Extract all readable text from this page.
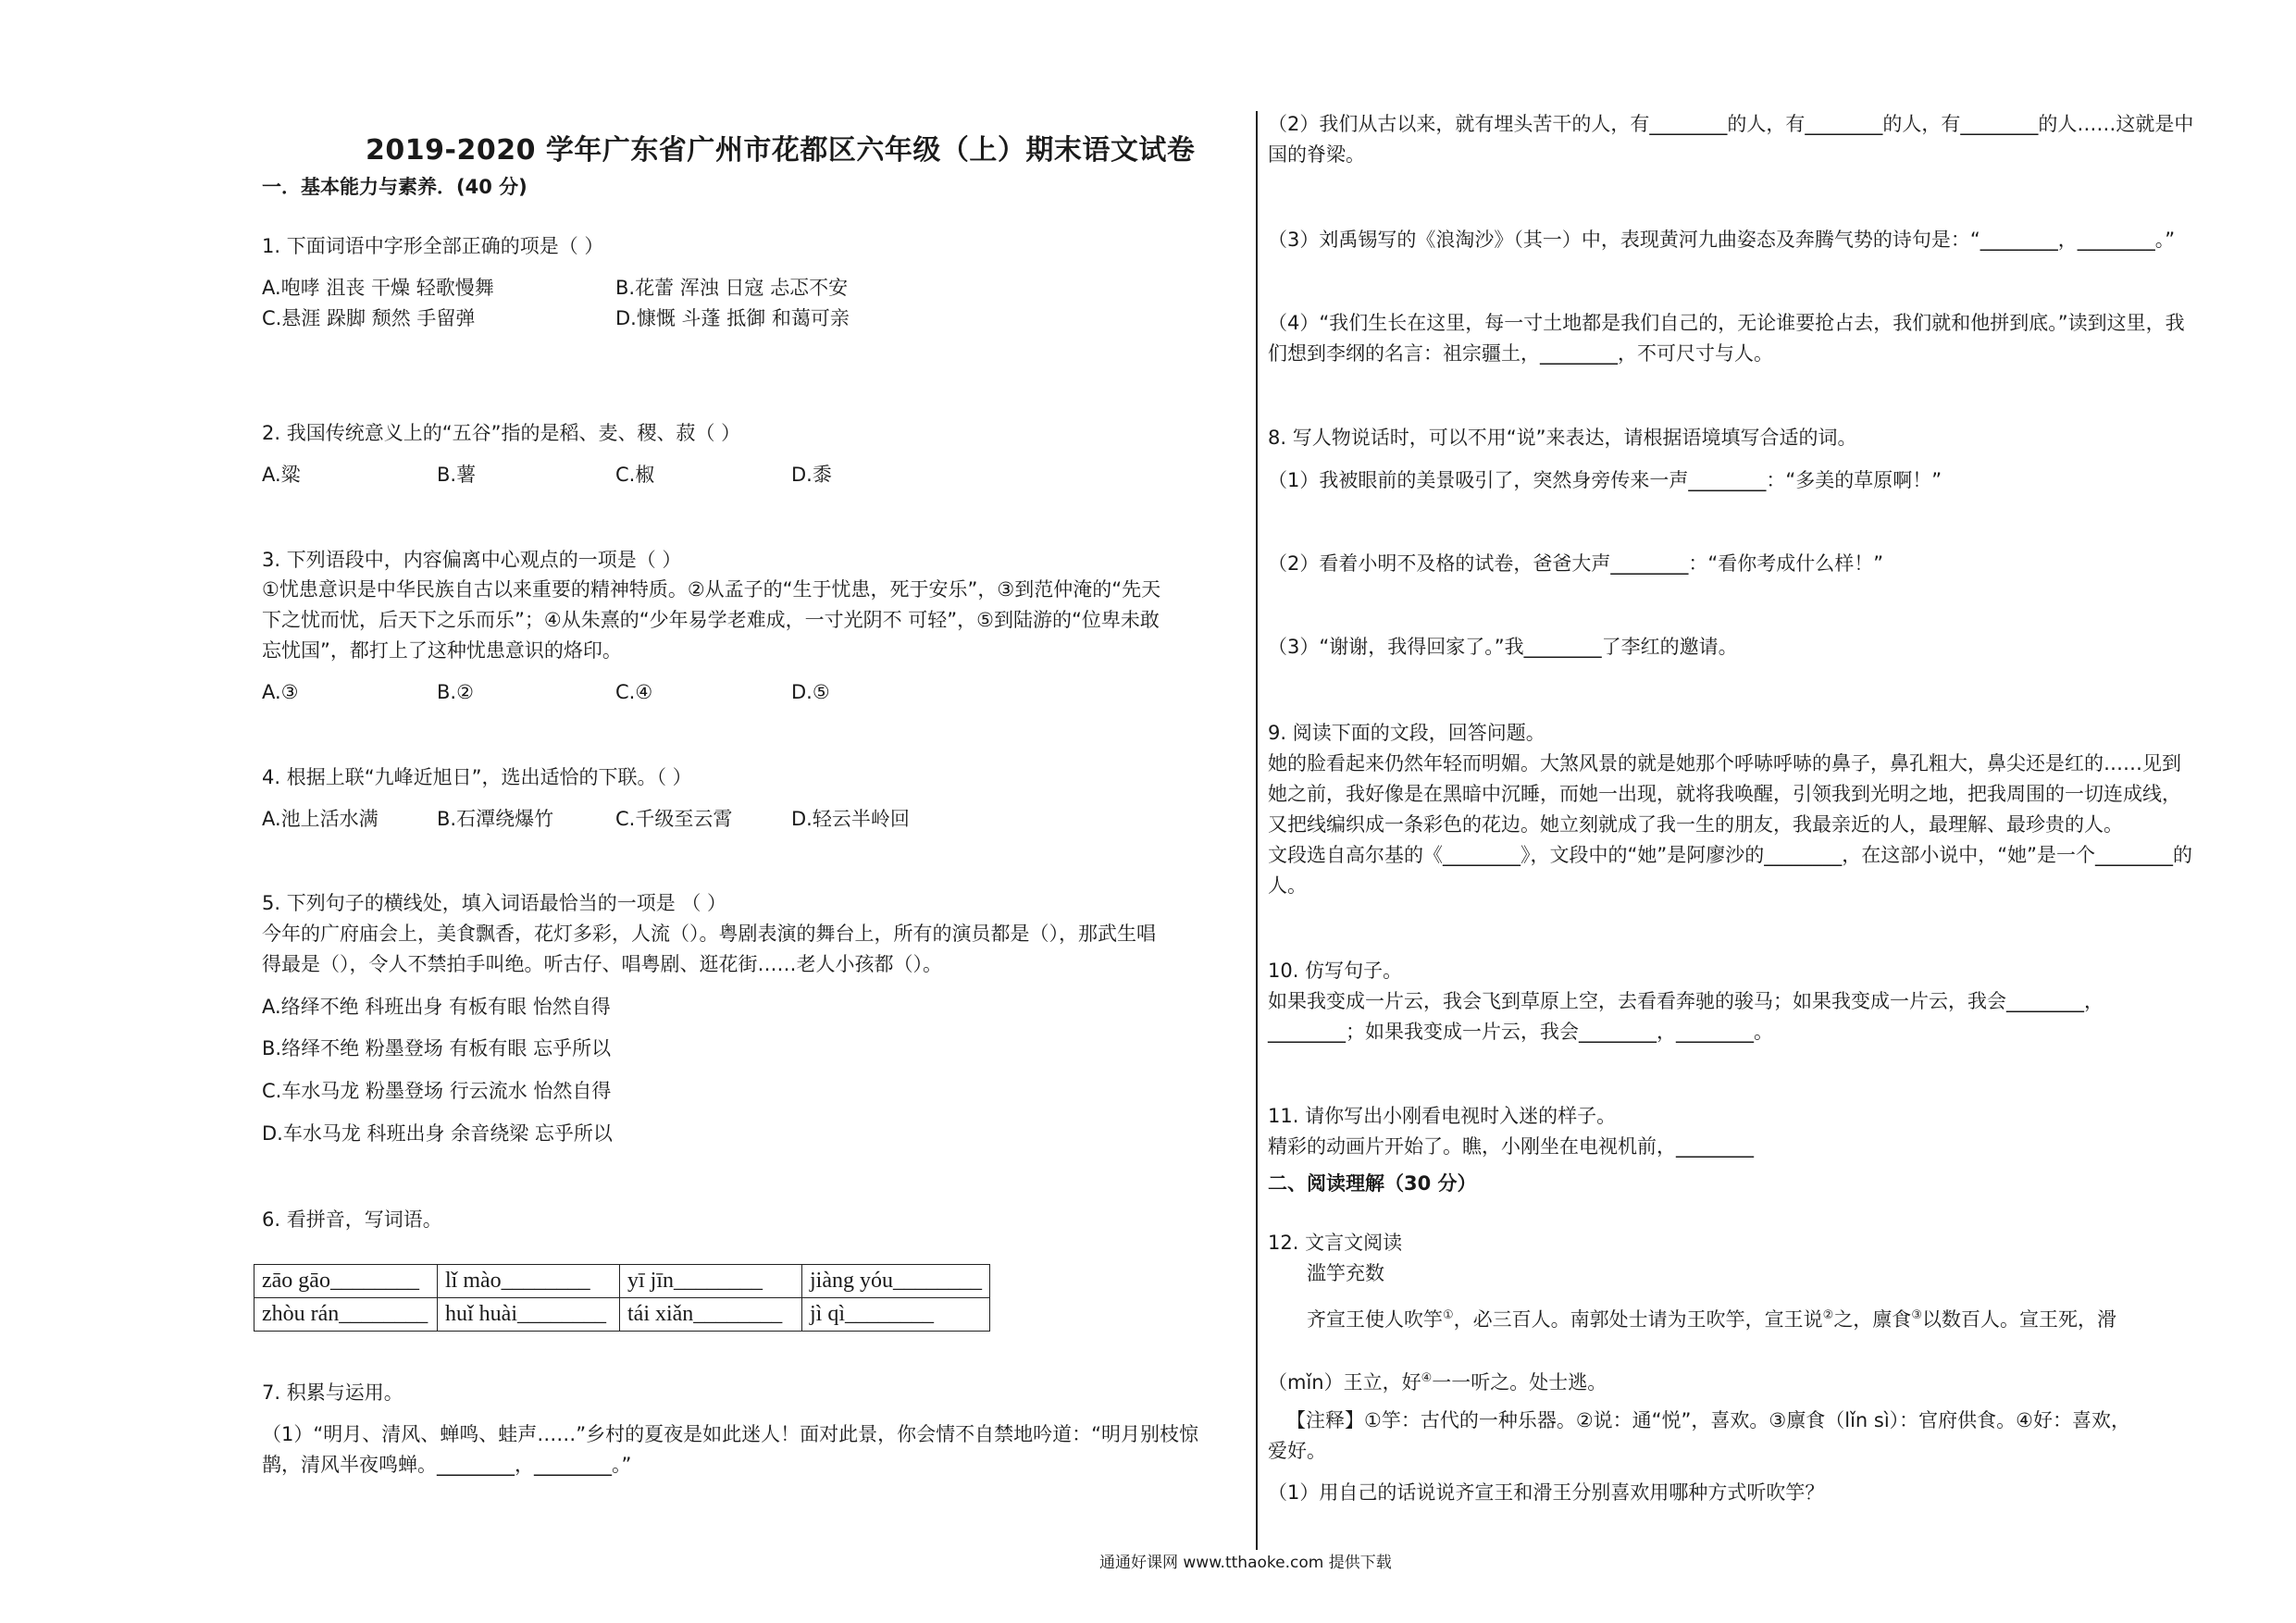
2019-2020 学年广东省广州市花都区六年级（上）期末语文试卷
一．基本能力与素养．(40 分)
1. 下面词语中字形全部正确的项是（ ）
A.咆哮 沮丧 干燥 轻歌慢舞	B.花蕾 浑浊 日寇 忐忑不安
C.悬涯 跺脚 颓然 手留弹	D.慷慨 斗蓬 抵御 和蔼可亲
2. 我国传统意义上的“五谷”指的是稻、麦、稷、菽（ ）
A.粱	B.薯	C.椒	D.黍
3. 下列语段中，内容偏离中心观点的一项是（ ）
①忧患意识是中华民族自古以来重要的精神特质。②从孟子的“生于忧患，死于安乐”，③到范仲淹的“先天
下之忧而忧，后天下之乐而乐”；④从朱熹的“少年易学老难成，一寸光阴不 可轻”，⑤到陆游的“位卑未敢
忘忧国”，都打上了这种忧患意识的烙印。
A.③	B.②	C.④	D.⑤
4. 根据上联“九峰近旭日”，选出适恰的下联。（ ）
A.池上活水满	B.石潭绕爆竹	C.千级至云霄	D.轻云半岭回
5. 下列句子的横线处，填入词语最恰当的一项是 （ ）
今年的广府庙会上，美食飘香，花灯多彩，人流（）。粤剧表演的舞台上，所有的演员都是（），那武生唱
得最是（），令人不禁拍手叫绝。听古仔、唱粤剧、逛花街……老人小孩都（）。
A.络绎不绝 科班出身 有板有眼 怡然自得
B.络绎不绝 粉墨登场 有板有眼 忘乎所以
C.车水马龙 粉墨登场 行云流水 怡然自得
D.车水马龙 科班出身 余音绕梁 忘乎所以
6. 看拼音，写词语。
zāo gāo________	lǐ mào________	yī jīn________	jiàng yóu________
zhòu rán________	huǐ huài________	tái xiǎn________	jì qì________
7. 积累与运用。
（1）“明月、清风、蝉鸣、蛙声……”乡村的夏夜是如此迷人！面对此景，你会情不自禁地吟道：“明月别枝惊
鹊，清风半夜鸣蝉。________，________。”
（2）我们从古以来，就有埋头苦干的人，有________的人，有________的人，有________的人……这就是中
国的脊梁。
（3）刘禹锡写的《浪淘沙》（其一）中，表现黄河九曲姿态及奔腾气势的诗句是：“________，________。”
（4）“我们生长在这里，每一寸土地都是我们自己的，无论谁要抢占去，我们就和他拼到底。”读到这里，我
们想到李纲的名言：祖宗疆土，________，不可尺寸与人。
8. 写人物说话时，可以不用“说”来表达，请根据语境填写合适的词。
（1）我被眼前的美景吸引了，突然身旁传来一声________：“多美的草原啊！”
（2）看着小明不及格的试卷，爸爸大声________：“看你考成什么样！”
（3）“谢谢，我得回家了。”我________了李红的邀请。
9. 阅读下面的文段，回答问题。
她的脸看起来仍然年轻而明媚。大煞风景的就是她那个呼哧呼哧的鼻子，鼻孔粗大，鼻尖还是红的……见到
她之前，我好像是在黑暗中沉睡，而她一出现，就将我唤醒，引领我到光明之地，把我周围的一切连成线，
又把线编织成一条彩色的花边。她立刻就成了我一生的朋友，我最亲近的人，最理解、最珍贵的人。
文段选自高尔基的《________》，文段中的“她”是阿廖沙的________，在这部小说中，“她”是一个________的
人。
10. 仿写句子。
如果我变成一片云，我会飞到草原上空，去看看奔驰的骏马；如果我变成一片云，我会________，
________；如果我变成一片云，我会________，________。
11. 请你写出小刚看电视时入迷的样子。
精彩的动画片开始了。瞧，小刚坐在电视机前，________
二、阅读理解（30 分）
12. 文言文阅读
滥竽充数
齐宣王使人吹竽①，必三百人。南郭处士请为王吹竽，宣王说②之，廪食③以数百人。宣王死，滑
（mǐn）王立，好④一一听之。处士逃。
【注释】①竽：古代的一种乐器。②说：通“悦”，喜欢。③廪食（lǐn sì）：官府供食。④好：喜欢，
爱好。
（1）用自己的话说说齐宣王和滑王分别喜欢用哪种方式听吹竽？
通通好课网 www.tthaoke.com 提供下载
